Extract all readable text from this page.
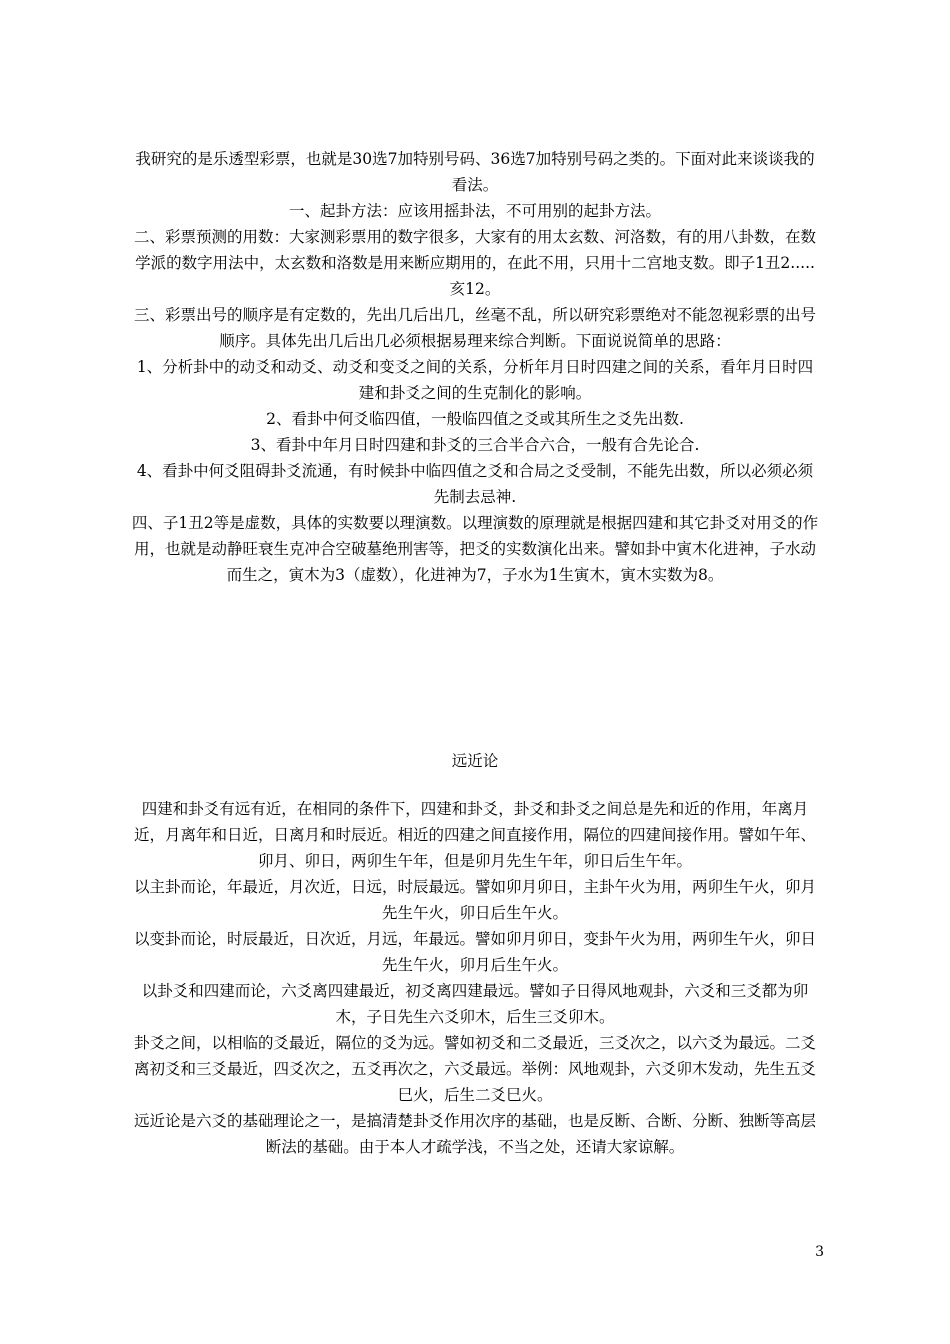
我研究的是乐透型彩票，也就是30选7加特别号码、36选7加特别号码之类的。下面对此来谈谈我的看法。

一、起卦方法：应该用摇卦法，不可用别的起卦方法。

二、彩票预测的用数：大家测彩票用的数字很多，大家有的用太玄数、河洛数，有的用八卦数，在数学派的数字用法中，太玄数和洛数是用来断应期用的，在此不用，只用十二宫地支数。即子1丑2.....亥12。

三、彩票出号的顺序是有定数的，先出几后出几，丝毫不乱，所以研究彩票绝对不能忽视彩票的出号顺序。具体先出几后出几必须根据易理来综合判断。下面说说简单的思路：

1、分析卦中的动爻和动爻、动爻和变爻之间的关系，分析年月日时四建之间的关系，看年月日时四建和卦爻之间的生克制化的影响。

2、看卦中何爻临四值，一般临四值之爻或其所生之爻先出数.

3、看卦中年月日时四建和卦爻的三合半合六合，一般有合先论合.

4、看卦中何爻阻碍卦爻流通，有时候卦中临四值之爻和合局之爻受制，不能先出数，所以必须必须先制去忌神.

四、子1丑2等是虚数，具体的实数要以理演数。以理演数的原理就是根据四建和其它卦爻对用爻的作用，也就是动静旺衰生克冲合空破墓绝刑害等，把爻的实数演化出来。譬如卦中寅木化进神，子水动而生之，寅木为3（虚数），化进神为7，子水为1生寅木，寅木实数为8。

远近论

四建和卦爻有远有近，在相同的条件下，四建和卦爻，卦爻和卦爻之间总是先和近的作用，年离月近，月离年和日近，日离月和时辰近。相近的四建之间直接作用，隔位的四建间接作用。譬如午年、卯月、卯日，两卯生午年，但是卯月先生午年，卯日后生午年。

以主卦而论，年最近，月次近，日远，时辰最远。譬如卯月卯日，主卦午火为用，两卯生午火，卯月先生午火，卯日后生午火。

以变卦而论，时辰最近，日次近，月远，年最远。譬如卯月卯日，变卦午火为用，两卯生午火，卯日先生午火，卯月后生午火。

以卦爻和四建而论，六爻离四建最近，初爻离四建最远。譬如子日得风地观卦，六爻和三爻都为卯木，子日先生六爻卯木，后生三爻卯木。

卦爻之间，以相临的爻最近，隔位的爻为远。譬如初爻和二爻最近，三爻次之，以六爻为最远。二爻离初爻和三爻最近，四爻次之，五爻再次之，六爻最远。举例：风地观卦，六爻卯木发动，先生五爻巳火，后生二爻巳火。

远近论是六爻的基础理论之一，是搞清楚卦爻作用次序的基础，也是反断、合断、分断、独断等高层断法的基础。由于本人才疏学浅，不当之处，还请大家谅解。

3
